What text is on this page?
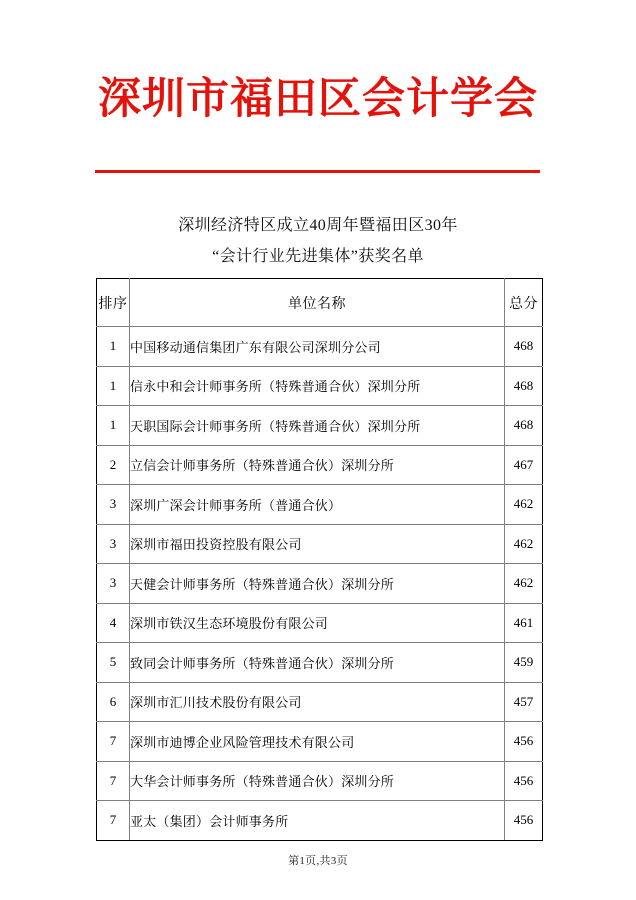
深圳市福田区会计学会
深圳经济特区成立40周年暨福田区30年
“会计行业先进集体”获奖名单
排序	单位名称	总分
1	中国移动通信集团广东有限公司深圳分公司	468
1	信永中和会计师事务所（特殊普通合伙）深圳分所	468
1	天职国际会计师事务所（特殊普通合伙）深圳分所	468
2	立信会计师事务所（特殊普通合伙）深圳分所	467
3	深圳广深会计师事务所（普通合伙）	462
3	深圳市福田投资控股有限公司	462
3	天健会计师事务所（特殊普通合伙）深圳分所	462
4	深圳市铁汉生态环境股份有限公司	461
5	致同会计师事务所（特殊普通合伙）深圳分所	459
6	深圳市汇川技术股份有限公司	457
7	深圳市迪博企业风险管理技术有限公司	456
7	大华会计师事务所（特殊普通合伙）深圳分所	456
7	亚太（集团）会计师事务所	456
第1页,共3页
